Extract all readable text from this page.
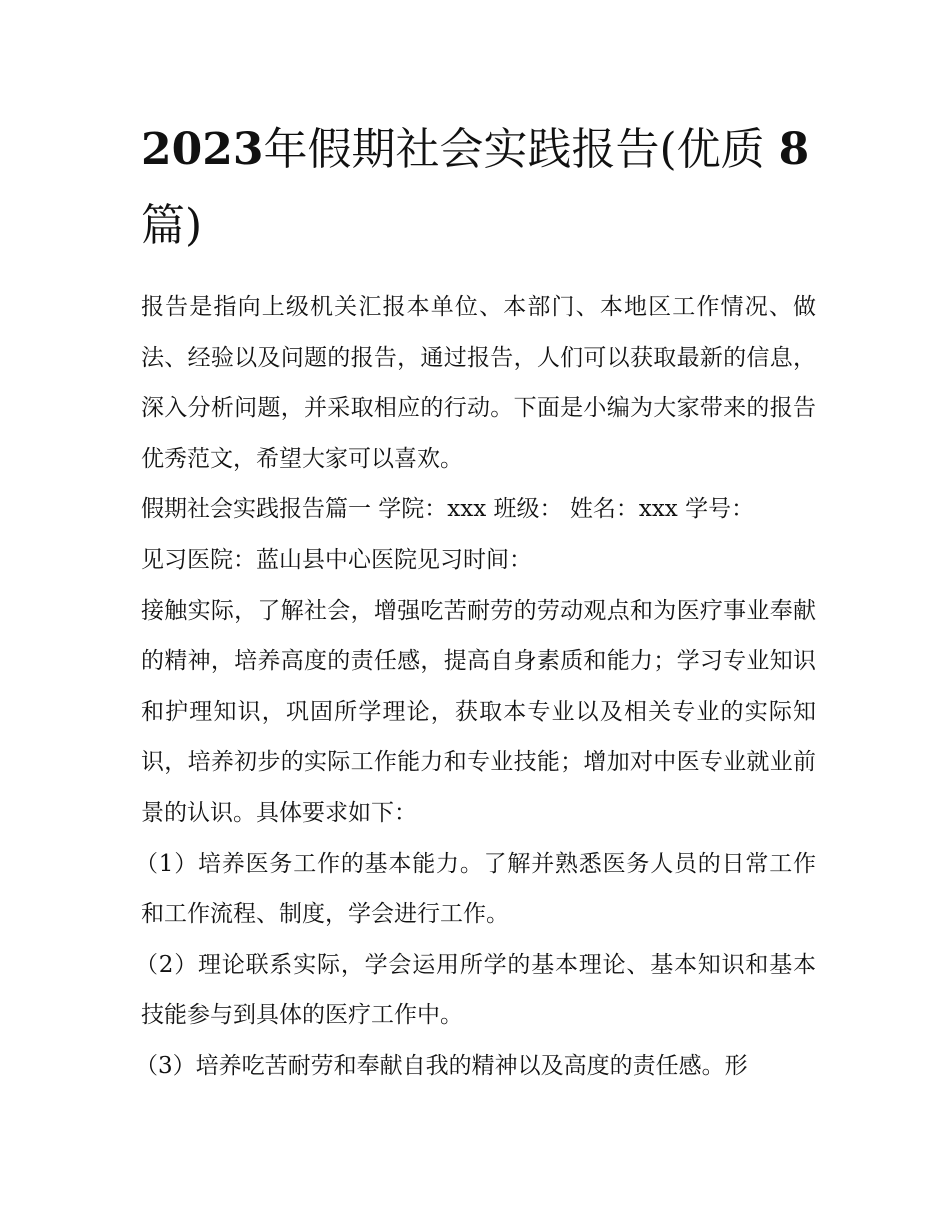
2023年假期社会实践报告(优质 8 篇)

报告是指向上级机关汇报本单位、本部门、本地区工作情况、做法、经验以及问题的报告，通过报告，人们可以获取最新的信息，深入分析问题，并采取相应的行动。下面是小编为大家带来的报告优秀范文，希望大家可以喜欢。

假期社会实践报告篇一 学院：xxx 班级： 姓名：xxx 学号：

见习医院：蓝山县中心医院见习时间：

接触实际，了解社会，增强吃苦耐劳的劳动观点和为医疗事业奉献的精神，培养高度的责任感，提高自身素质和能力；学习专业知识和护理知识，巩固所学理论，获取本专业以及相关专业的实际知识，培养初步的实际工作能力和专业技能；增加对中医专业就业前景的认识。具体要求如下：

（1）培养医务工作的基本能力。了解并熟悉医务人员的日常工作和工作流程、制度，学会进行工作。

（2）理论联系实际，学会运用所学的基本理论、基本知识和基本技能参与到具体的医疗工作中。

（3）培养吃苦耐劳和奉献自我的精神以及高度的责任感。形
